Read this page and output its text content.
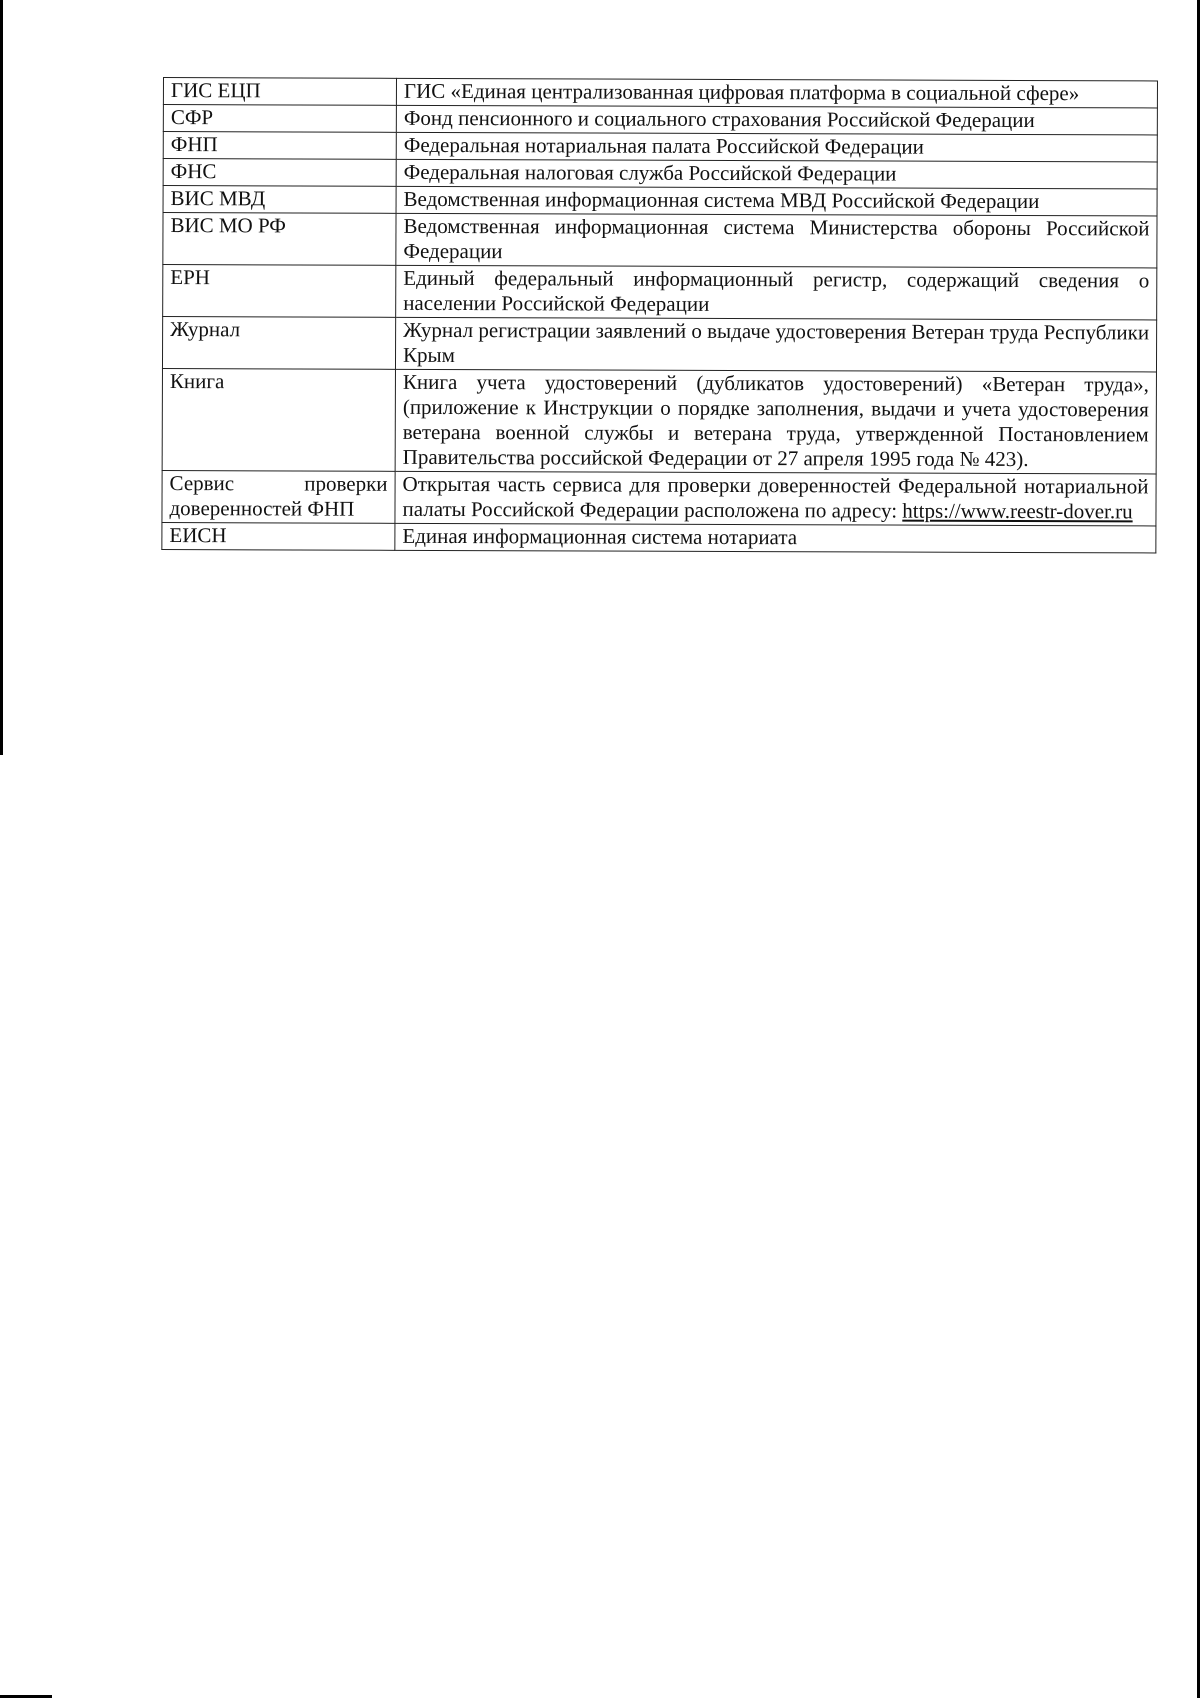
ГИС ЕЦП	ГИС «Единая централизованная цифровая платформа в социальной сфере»
СФР	Фонд пенсионного и социального страхования Российской Федерации
ФНП	Федеральная нотариальная палата Российской Федерации
ФНС	Федеральная налоговая служба Российской Федерации
ВИС МВД	Ведомственная информационная система МВД Российской Федерации
ВИС МО РФ	Ведомственная информационная система Министерства обороны Российской Федерации
ЕРН	Единый федеральный информационный регистр, содержащий сведения о населении Российской Федерации
Журнал	Журнал регистрации заявлений о выдаче удостоверения Ветеран труда Республики Крым
Книга	Книга учета удостоверений (дубликатов удостоверений) «Ветеран труда», (приложение к Инструкции о порядке заполнения, выдачи и учета удостоверения ветерана военной службы и ветерана труда, утвержденной Постановлением Правительства российской Федерации от 27 апреля 1995 года № 423).
Сервис проверки доверенностей ФНП	Открытая часть сервиса для проверки доверенностей Федеральной нотариальной палаты Российской Федерации расположена по адресу: https://www.reestr-dover.ru
ЕИСН	Единая информационная система нотариата
